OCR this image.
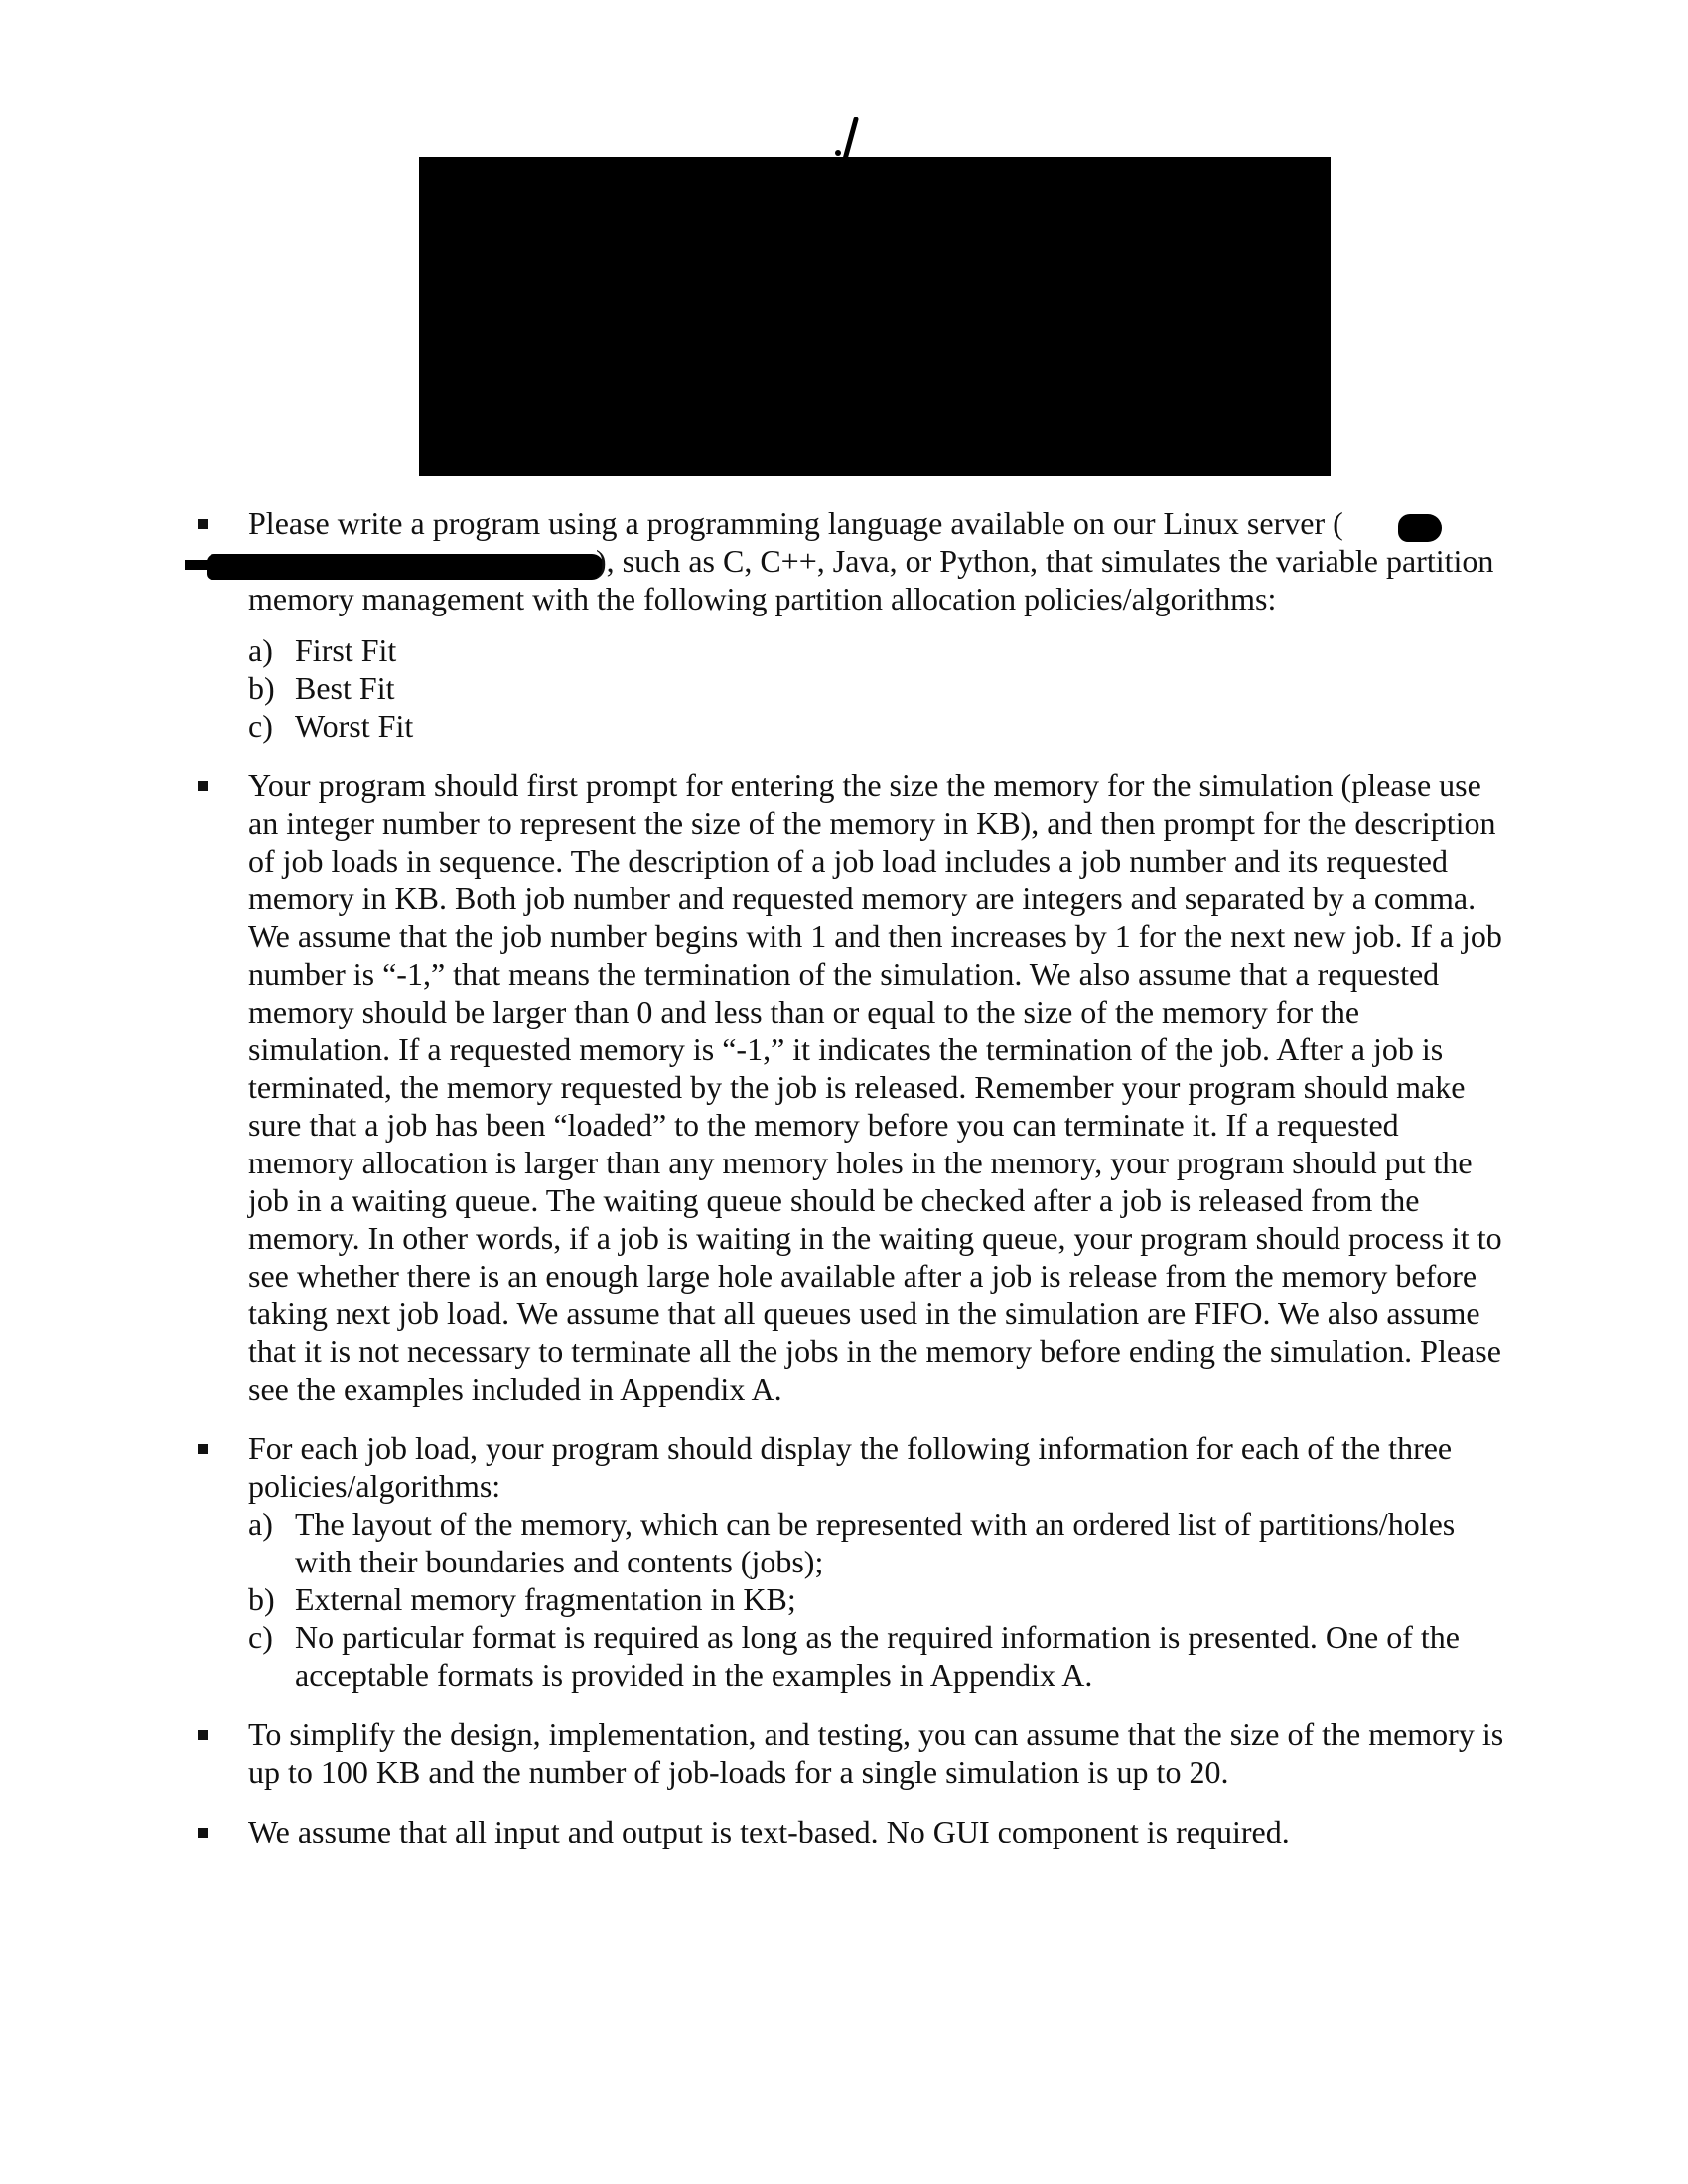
Please write a program using a programming language available on our Linux server (
), such as C, C++, Java, or Python, that simulates the variable partition memory management with the following partition allocation policies/algorithms:

a) First Fit

b) Best Fit

c) Worst Fit

Your program should first prompt for entering the size the memory for the simulation (please use an integer number to represent the size of the memory in KB), and then prompt for the description of job loads in sequence. The description of a job load includes a job number and its requested memory in KB. Both job number and requested memory are integers and separated by a comma. We assume that the job number begins with 1 and then increases by 1 for the next new job. If a job number is “-1,” that means the termination of the simulation. We also assume that a requested memory should be larger than 0 and less than or equal to the size of the memory for the simulation. If a requested memory is “-1,” it indicates the termination of the job. After a job is terminated, the memory requested by the job is released. Remember your program should make sure that a job has been “loaded” to the memory before you can terminate it. If a requested memory allocation is larger than any memory holes in the memory, your program should put the job in a waiting queue. The waiting queue should be checked after a job is released from the memory. In other words, if a job is waiting in the waiting queue, your program should process it to see whether there is an enough large hole available after a job is release from the memory before taking next job load. We assume that all queues used in the simulation are FIFO. We also assume that it is not necessary to terminate all the jobs in the memory before ending the simulation. Please see the examples included in Appendix A.

For each job load, your program should display the following information for each of the three policies/algorithms:

a) The layout of the memory, which can be represented with an ordered list of partitions/holes with their boundaries and contents (jobs);

b) External memory fragmentation in KB;

c) No particular format is required as long as the required information is presented. One of the acceptable formats is provided in the examples in Appendix A.

To simplify the design, implementation, and testing, you can assume that the size of the memory is up to 100 KB and the number of job-loads for a single simulation is up to 20.

We assume that all input and output is text-based. No GUI component is required.
